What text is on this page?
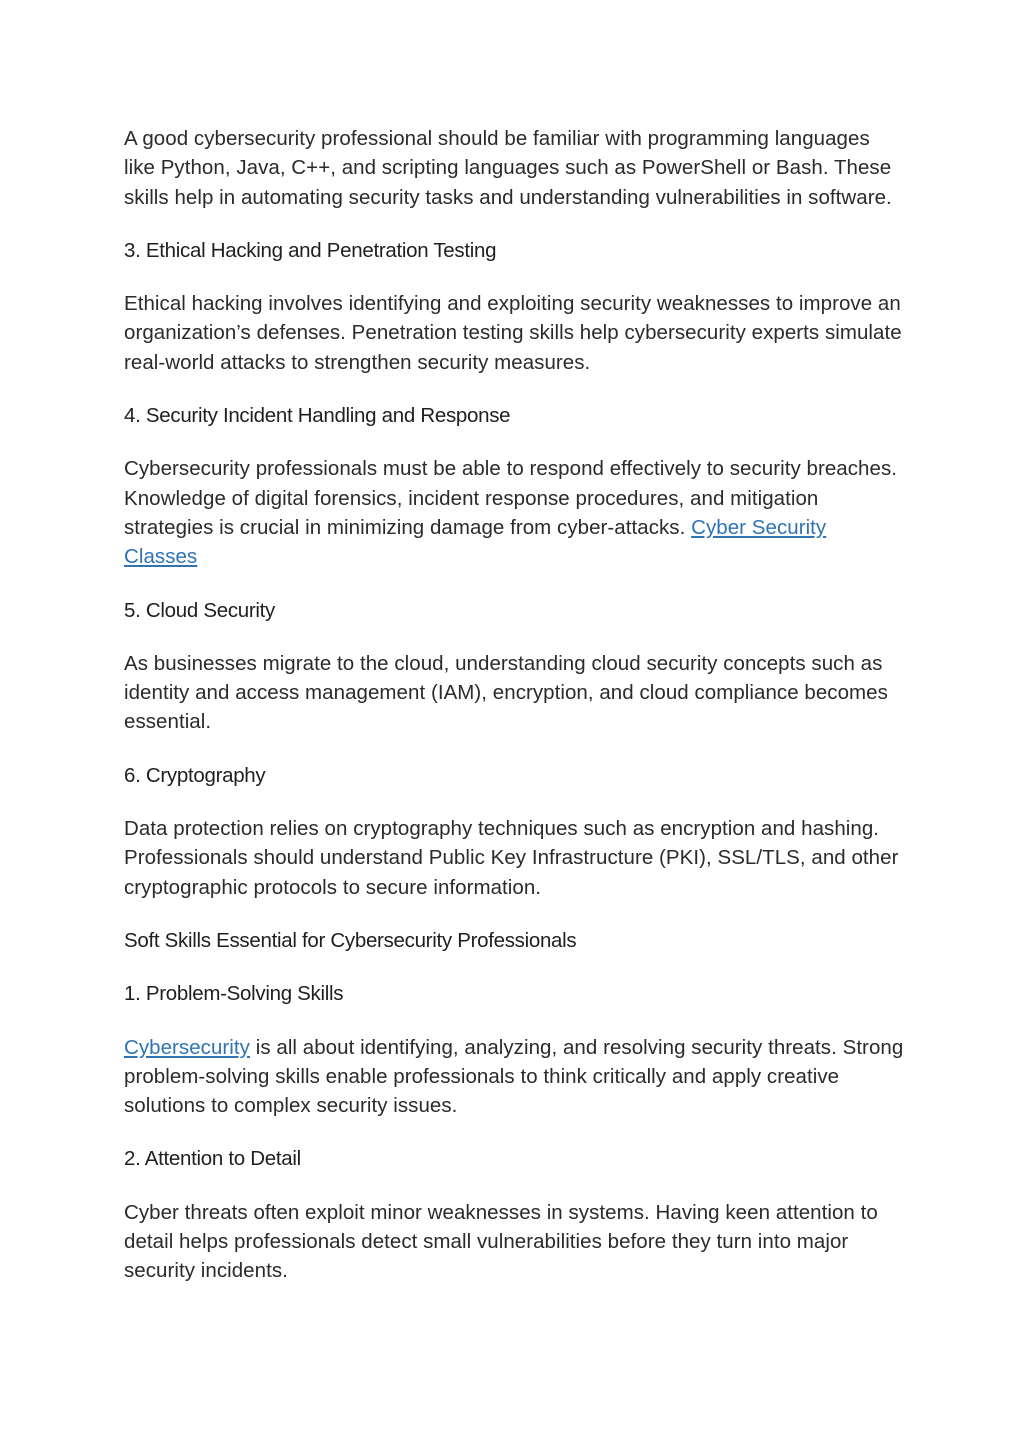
A good cybersecurity professional should be familiar with programming languages like Python, Java, C++, and scripting languages such as PowerShell or Bash. These skills help in automating security tasks and understanding vulnerabilities in software.

3. Ethical Hacking and Penetration Testing

Ethical hacking involves identifying and exploiting security weaknesses to improve an organization’s defenses. Penetration testing skills help cybersecurity experts simulate real-world attacks to strengthen security measures.

4. Security Incident Handling and Response

Cybersecurity professionals must be able to respond effectively to security breaches. Knowledge of digital forensics, incident response procedures, and mitigation strategies is crucial in minimizing damage from cyber-attacks. Cyber Security Classes

5. Cloud Security

As businesses migrate to the cloud, understanding cloud security concepts such as identity and access management (IAM), encryption, and cloud compliance becomes essential.

6. Cryptography

Data protection relies on cryptography techniques such as encryption and hashing. Professionals should understand Public Key Infrastructure (PKI), SSL/TLS, and other cryptographic protocols to secure information.

Soft Skills Essential for Cybersecurity Professionals

1. Problem-Solving Skills

Cybersecurity is all about identifying, analyzing, and resolving security threats. Strong problem-solving skills enable professionals to think critically and apply creative solutions to complex security issues.

2. Attention to Detail

Cyber threats often exploit minor weaknesses in systems. Having keen attention to detail helps professionals detect small vulnerabilities before they turn into major security incidents.
